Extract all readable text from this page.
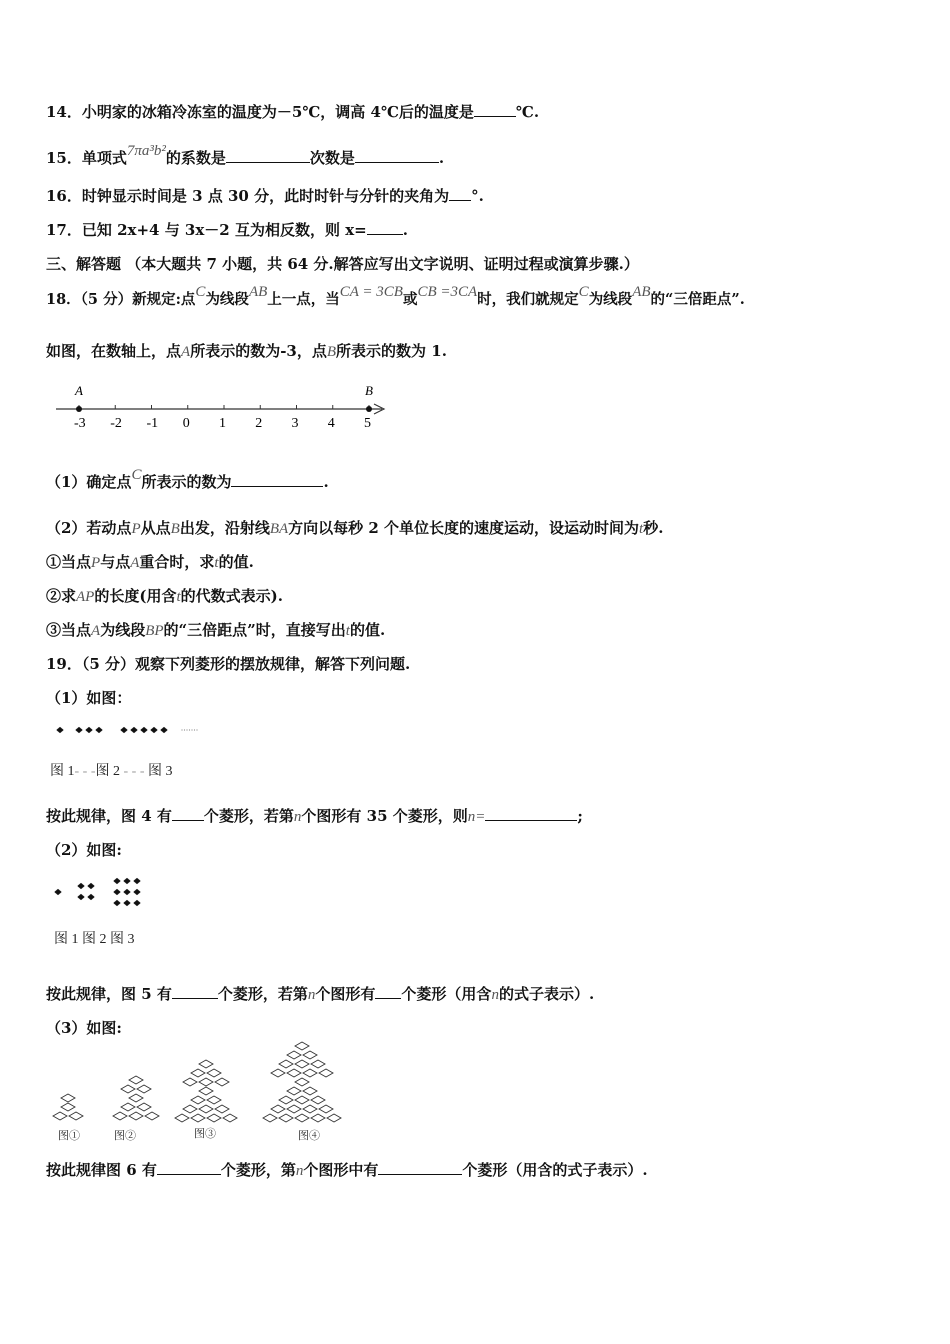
14．小明家的冰箱冷冻室的温度为－5℃，调高 4℃后的温度是	℃.
15．单项式7πa³b²的系数是	次数是	.
16．时钟显示时间是 3 点 30 分，此时时针与分针的夹角为 °.
17．已知 2x+4 与 3x－2 互为相反数，则 x= .
三、解答题 （本大题共 7 小题，共 64 分.解答应写出文字说明、证明过程或演算步骤.）
18．（5 分）新规定:点C为线段AB上一点，当CA = 3CB或CB =3CA时，我们就规定C为线段AB的“三倍距点”.
如图，在数轴上，点A所表示的数为-3，点B所表示的数为 1.
-3 -2 -1 0 1 2 3 4 5
A	B
（1）确定点C所表示的数为	.
（2）若动点P从点B出发，沿射线BA方向以每秒 2 个单位长度的速度运动，设运动时间为t秒.
①当点P与点A重合时，求t的值.
②求AP的长度(用含t的代数式表示).
③当点A为线段BP的“三倍距点”时，直接写出t的值.
19．（5 分）观察下列菱形的摆放规律，解答下列问题.
（1）如图：
图 1- - -图 2 - - - 图 3
按此规律，图 4 有 个菱形，若第n个图形有 35 个菱形，则n=	;
（2）如图:
图 1 图 2 图 3
按此规律，图 5 有	个菱形，若第n个图形有 个菱形（用含n的式子表示）.
（3）如图:
图①	图②	图③	图④
按此规律图 6 有	个菱形，第n个图形中有	个菱形（用含的式子表示）.
